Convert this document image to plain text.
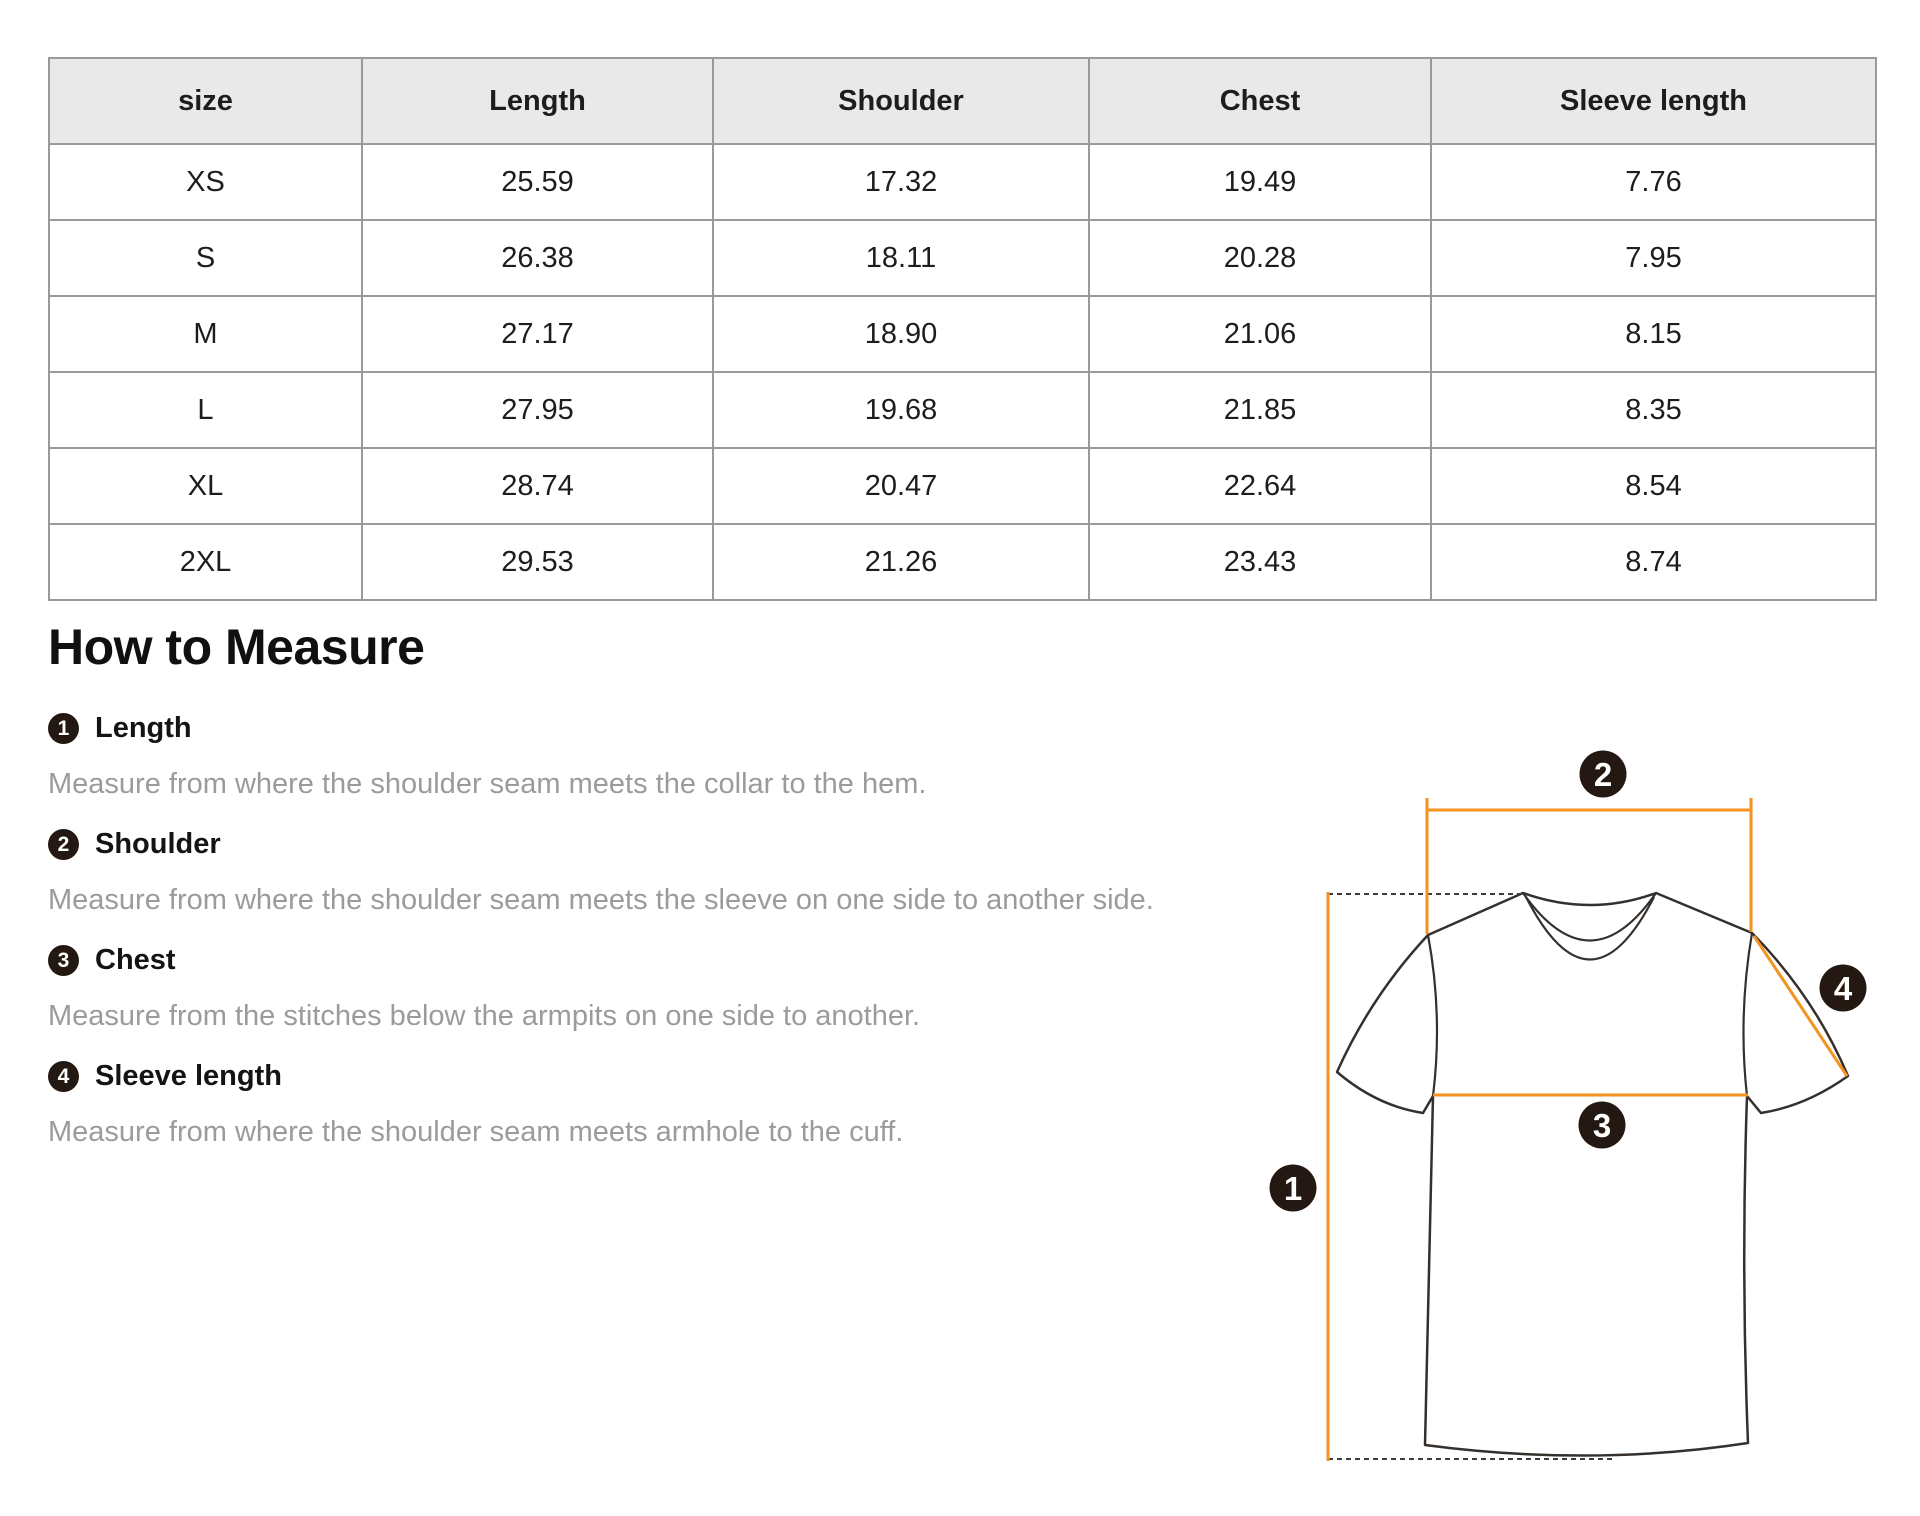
size	Length	Shoulder	Chest	Sleeve length
XS	25.59	17.32	19.49	7.76
S	26.38	18.11	20.28	7.95
M	27.17	18.90	21.06	8.15
L	27.95	19.68	21.85	8.35
XL	28.74	20.47	22.64	8.54
2XL	29.53	21.26	23.43	8.74
How to Measure
1 Length
Measure from where the shoulder seam meets the collar to the hem.
2 Shoulder
Measure from where the shoulder seam meets the sleeve on one side to another side.
3 Chest
Measure from the stitches below the armpits on one side to another.
4 Sleeve length
Measure from where the shoulder seam meets armhole to the cuff.
1
2
3
4
